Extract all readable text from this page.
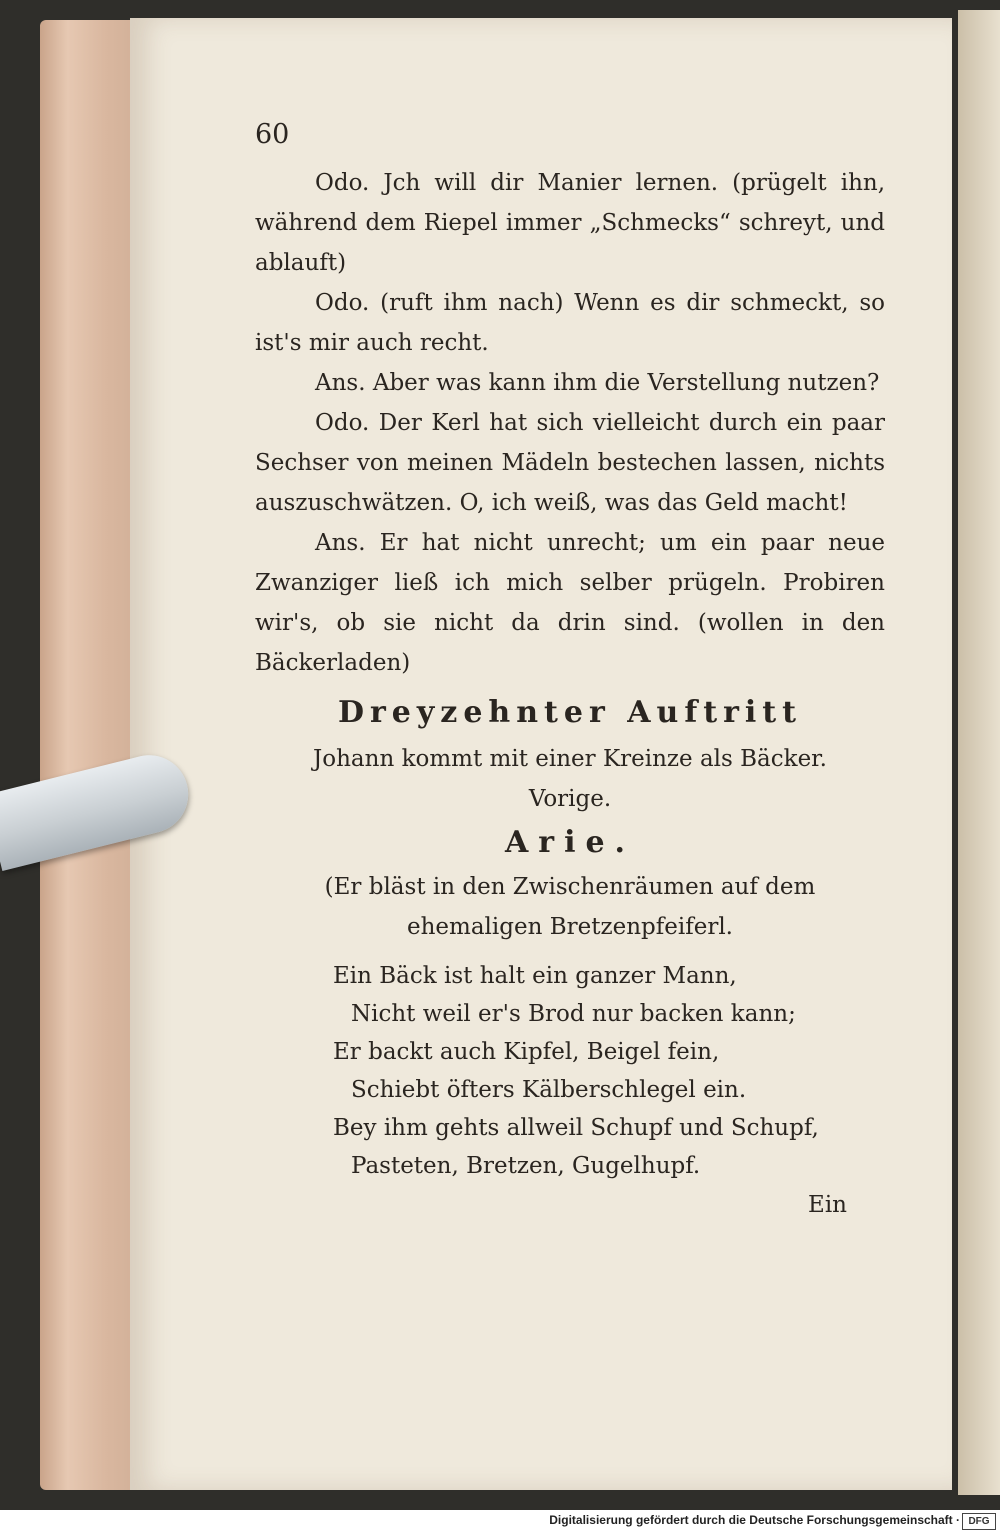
60

Odo. Jch will dir Manier lernen. (prügelt ihn, während dem Riepel immer „Schmecks“ schreyt, und ablauft)

Odo. (ruft ihm nach) Wenn es dir schmeckt, so ist's mir auch recht.

Ans. Aber was kann ihm die Verstellung nutzen?

Odo. Der Kerl hat sich vielleicht durch ein paar Sechser von meinen Mädeln bestechen lassen, nichts auszuschwätzen. O, ich weiß, was das Geld macht!

Ans. Er hat nicht unrecht; um ein paar neue Zwanziger ließ ich mich selber prügeln. Probiren wir's, ob sie nicht da drin sind. (wollen in den Bäckerladen)

Dreyzehnter Auftritt
Johann kommt mit einer Kreinze als Bäcker.
Vorige.
Arie.
(Er bläst in den Zwischenräumen auf dem ehemaligen Bretzenpfeiferl.
Ein Bäck ist halt ein ganzer Mann,
Nicht weil er's Brod nur backen kann;
Er backt auch Kipfel, Beigel fein,
Schiebt öfters Kälberschlegel ein.
Bey ihm gehts allweil Schupf und Schupf,
Pasteten, Bretzen, Gugelhupf.
Ein
Digitalisierung gefördert durch die Deutsche Forschungsgemeinschaft · DFG
